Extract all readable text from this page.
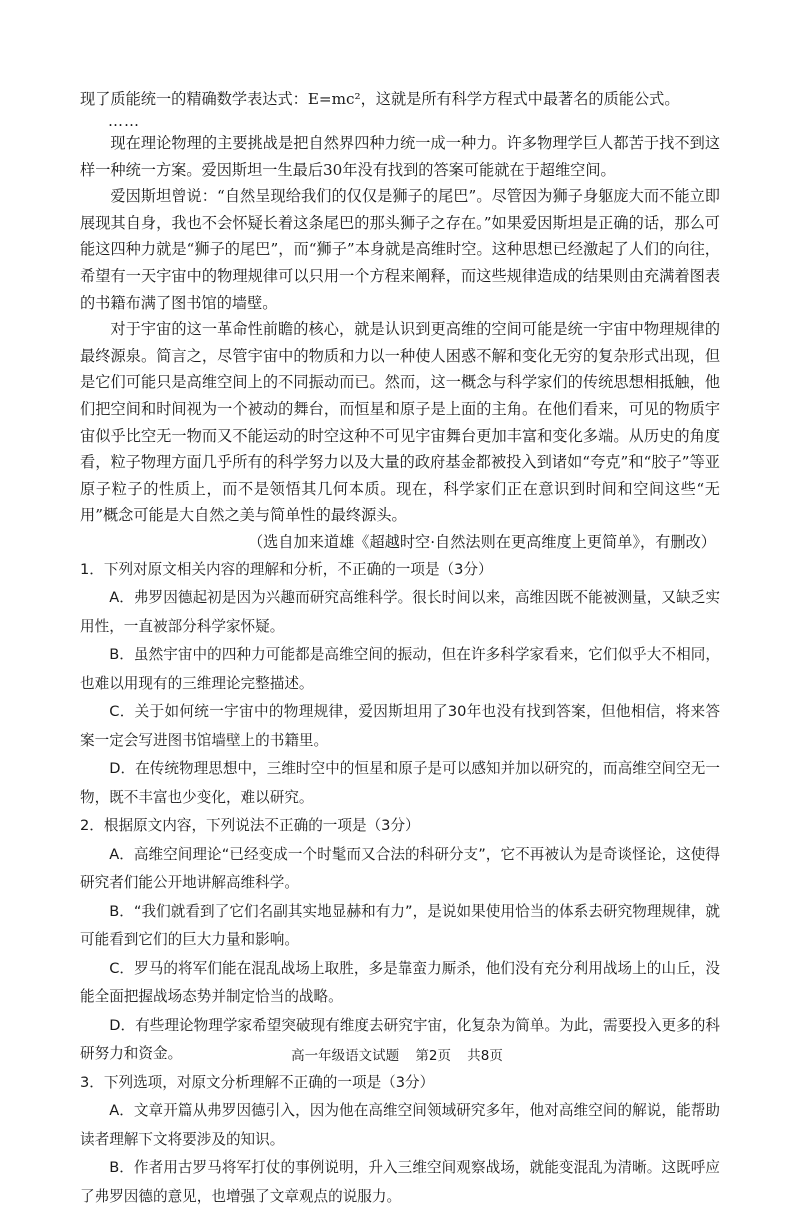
现了质能统一的精确数学表达式：E=mc²，这就是所有科学方程式中最著名的质能公式。

……

现在理论物理的主要挑战是把自然界四种力统一成一种力。许多物理学巨人都苦于找不到这样一种统一方案。爱因斯坦一生最后30年没有找到的答案可能就在于超维空间。

爱因斯坦曾说：“自然呈现给我们的仅仅是狮子的尾巴”。尽管因为狮子身躯庞大而不能立即展现其自身，我也不会怀疑长着这条尾巴的那头狮子之存在。”如果爱因斯坦是正确的话，那么可能这四种力就是“狮子的尾巴”，而“狮子”本身就是高维时空。这种思想已经激起了人们的向往，希望有一天宇宙中的物理规律可以只用一个方程来阐释，而这些规律造成的结果则由充满着图表的书籍布满了图书馆的墙壁。

对于宇宙的这一革命性前瞻的核心，就是认识到更高维的空间可能是统一宇宙中物理规律的最终源泉。简言之，尽管宇宙中的物质和力以一种使人困惑不解和变化无穷的复杂形式出现，但是它们可能只是高维空间上的不同振动而已。然而，这一概念与科学家们的传统思想相抵触，他们把空间和时间视为一个被动的舞台，而恒星和原子是上面的主角。在他们看来，可见的物质宇宙似乎比空无一物而又不能运动的时空这种不可见宇宙舞台更加丰富和变化多端。从历史的角度看，粒子物理方面几乎所有的科学努力以及大量的政府基金都被投入到诸如“夸克”和“胶子”等亚原子粒子的性质上，而不是领悟其几何本质。现在，科学家们正在意识到时间和空间这些“无用”概念可能是大自然之美与简单性的最终源头。

（选自加来道雄《超越时空·自然法则在更高维度上更简单》，有删改）

1．下列对原文相关内容的理解和分析，不正确的一项是（3分）

A．弗罗因德起初是因为兴趣而研究高维科学。很长时间以来，高维因既不能被测量，又缺乏实用性，一直被部分科学家怀疑。

B．虽然宇宙中的四种力可能都是高维空间的振动，但在许多科学家看来，它们似乎大不相同，也难以用现有的三维理论完整描述。

C．关于如何统一宇宙中的物理规律，爱因斯坦用了30年也没有找到答案，但他相信，将来答案一定会写进图书馆墙壁上的书籍里。

D．在传统物理思想中，三维时空中的恒星和原子是可以感知并加以研究的，而高维空间空无一物，既不丰富也少变化，难以研究。

2．根据原文内容，下列说法不正确的一项是（3分）

A．高维空间理论“已经变成一个时髦而又合法的科研分支”，它不再被认为是奇谈怪论，这使得研究者们能公开地讲解高维科学。

B．“我们就看到了它们名副其实地显赫和有力”，是说如果使用恰当的体系去研究物理规律，就可能看到它们的巨大力量和影响。

C．罗马的将军们能在混乱战场上取胜，多是靠蛮力厮杀，他们没有充分利用战场上的山丘，没能全面把握战场态势并制定恰当的战略。

D．有些理论物理学家希望突破现有维度去研究宇宙，化复杂为简单。为此，需要投入更多的科研努力和资金。

3．下列选项，对原文分析理解不正确的一项是（3分）

A．文章开篇从弗罗因德引入，因为他在高维空间领域研究多年，他对高维空间的解说，能帮助读者理解下文将要涉及的知识。

B．作者用古罗马将军打仗的事例说明，升入三维空间观察战场，就能变混乱为清晰。这既呼应了弗罗因德的意见，也增强了文章观点的说服力。

高一年级语文试题 第2页 共8页
